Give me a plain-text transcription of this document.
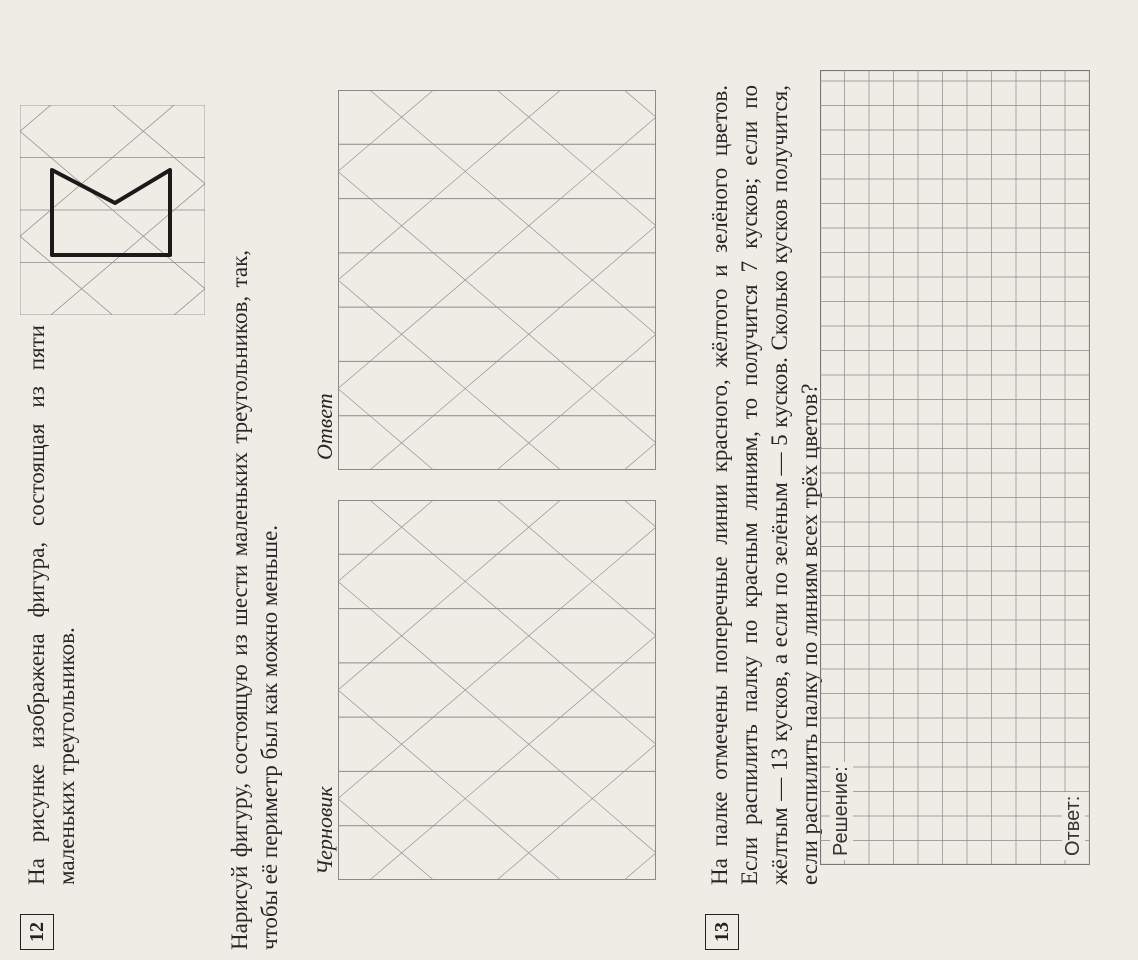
12

На рисунке изображена фигура, состоящая из пяти маленьких треугольников.	Нарисуй фигуру, состоящую из шести маленьких треугольников, так, чтобы её периметр был как можно меньше. Черновик
Ответ
13
На палке отмечены поперечные линии красного, жёлтого и зелёного цветов. Если распилить палку по красным линиям, то получится 7 кусков; если по жёлтым — 13 кусков, а если по зелёным — 5 кусков. Сколько кусков получится, если распилить палку по линиям всех трёх цветов? Решение:	Ответ:
